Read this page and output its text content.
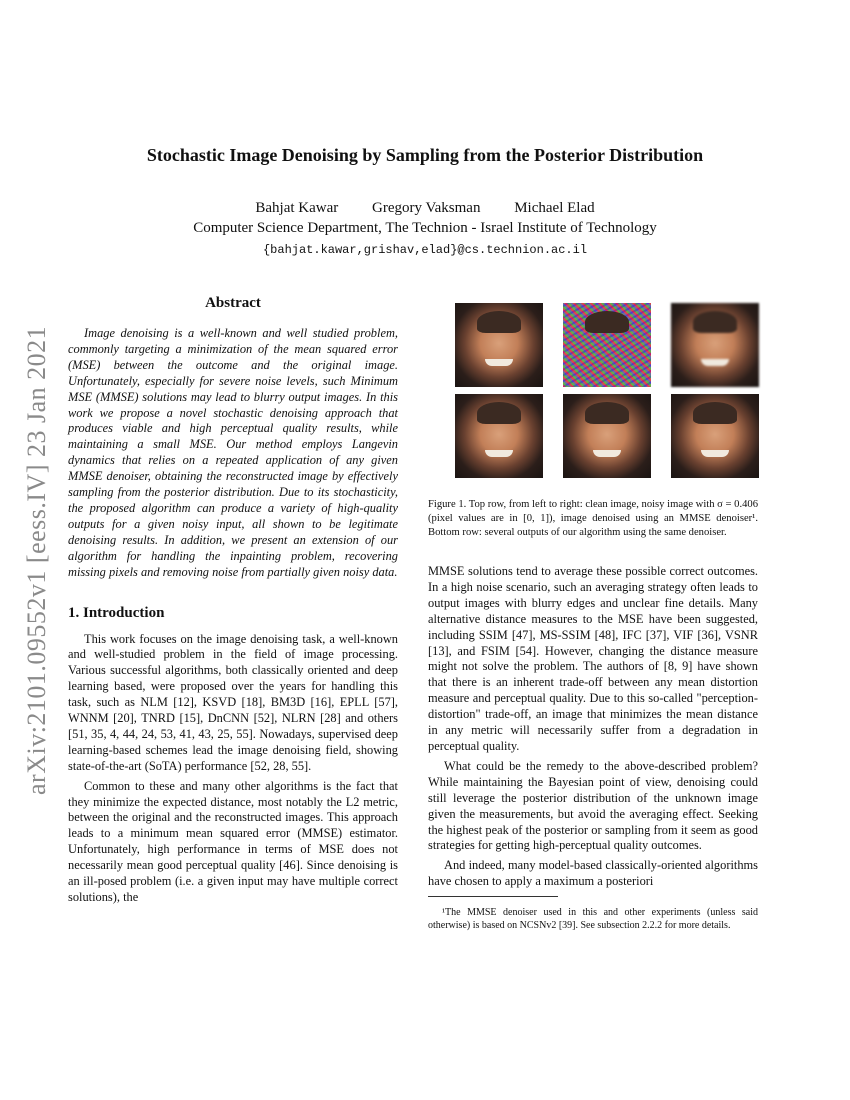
arXiv:2101.09552v1 [eess.IV] 23 Jan 2021
Stochastic Image Denoising by Sampling from the Posterior Distribution
Bahjat Kawar Gregory Vaksman Michael Elad
Computer Science Department, The Technion - Israel Institute of Technology
{bahjat.kawar,grishav,elad}@cs.technion.ac.il
Abstract

Image denoising is a well-known and well studied problem, commonly targeting a minimization of the mean squared error (MSE) between the outcome and the original image. Unfortunately, especially for severe noise levels, such Minimum MSE (MMSE) solutions may lead to blurry output images. In this work we propose a novel stochastic denoising approach that produces viable and high perceptual quality results, while maintaining a small MSE. Our method employs Langevin dynamics that relies on a repeated application of any given MMSE denoiser, obtaining the reconstructed image by effectively sampling from the posterior distribution. Due to its stochasticity, the proposed algorithm can produce a variety of high-quality outputs for a given noisy input, all shown to be legitimate denoising results. In addition, we present an extension of our algorithm for handling the inpainting problem, recovering missing pixels and removing noise from partially given noisy data.

1. Introduction

This work focuses on the image denoising task, a well-known and well-studied problem in the field of image processing. Various successful algorithms, both classically oriented and deep learning based, were proposed over the years for handling this task, such as NLM [12], KSVD [18], BM3D [16], EPLL [57], WNNM [20], TNRD [15], DnCNN [52], NLRN [28] and others [51, 35, 4, 44, 24, 53, 41, 43, 25, 55]. Nowadays, supervised deep learning-based schemes lead the image denoising field, showing state-of-the-art (SoTA) performance [52, 28, 55].

Common to these and many other algorithms is the fact that they minimize the expected distance, most notably the L2 metric, between the original and the reconstructed images. This approach leads to a minimum mean squared error (MMSE) estimator. Unfortunately, high performance in terms of MSE does not necessarily mean good perceptual quality [46]. Since denoising is an ill-posed problem (i.e. a given input may have multiple correct solutions), the

Figure 1. Top row, from left to right: clean image, noisy image with σ = 0.406 (pixel values are in [0, 1]), image denoised using an MMSE denoiser¹. Bottom row: several outputs of our algorithm using the same denoiser.

MMSE solutions tend to average these possible correct outcomes. In a high noise scenario, such an averaging strategy often leads to output images with blurry edges and unclear fine details. Many alternative distance measures to the MSE have been suggested, including SSIM [47], MS-SSIM [48], IFC [37], VIF [36], VSNR [13], and FSIM [54]. However, changing the distance measure might not solve the problem. The authors of [8, 9] have shown that there is an inherent trade-off between any mean distortion measure and perceptual quality. Due to this so-called "perception-distortion" trade-off, an image that minimizes the mean distance in any metric will necessarily suffer from a degradation in perceptual quality.

What could be the remedy to the above-described problem? While maintaining the Bayesian point of view, denoising could still leverage the posterior distribution of the unknown image given the measurements, but avoid the averaging effect. Seeking the highest peak of the posterior or sampling from it seem as good strategies for getting high-perceptual quality outcomes.

And indeed, many model-based classically-oriented algorithms have chosen to apply a maximum a posteriori

¹The MMSE denoiser used in this and other experiments (unless said otherwise) is based on NCSNv2 [39]. See subsection 2.2.2 for more details.
